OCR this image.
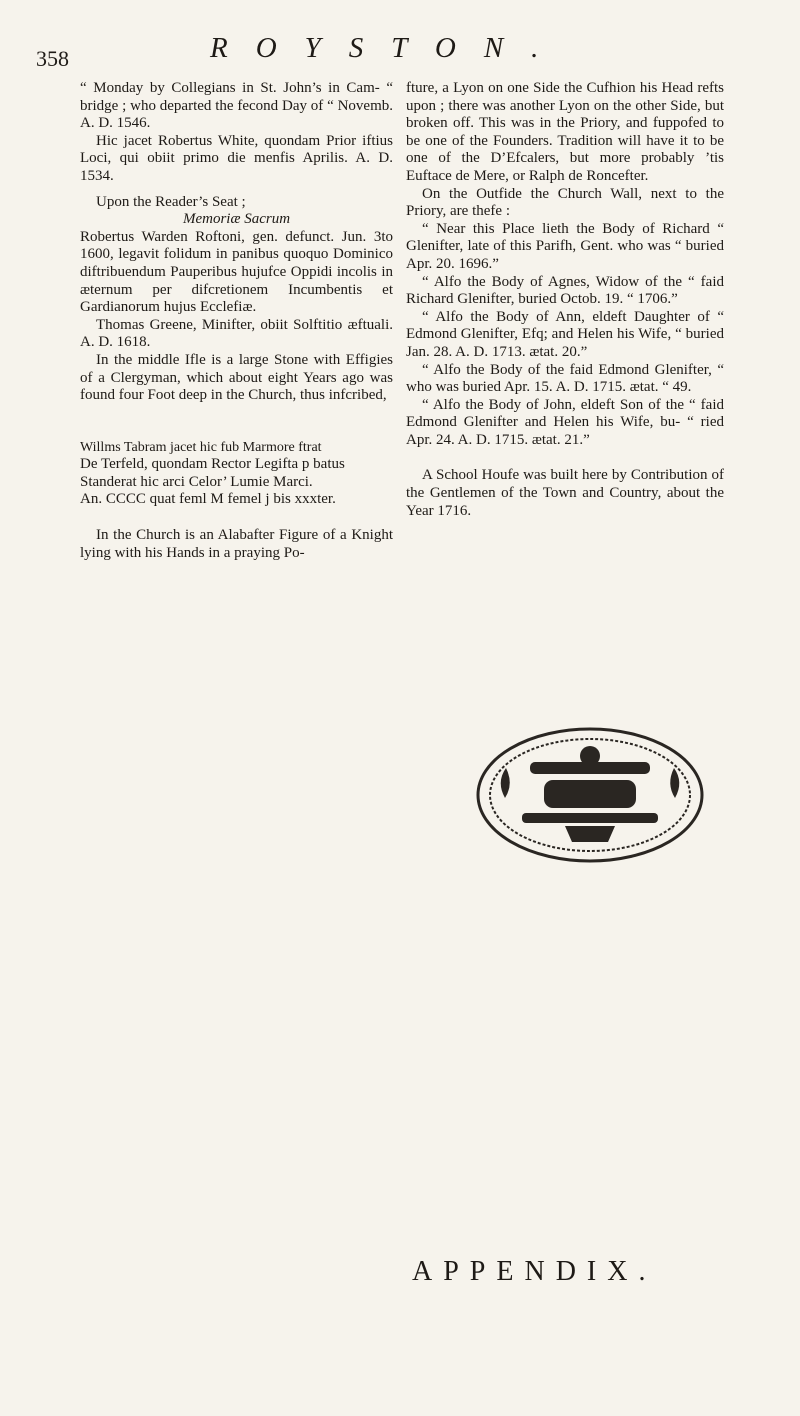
358	ROYSTON.

“ Monday by Collegians in St. John’s in Cam- “ bridge ; who departed the fecond Day of “ Novemb. A. D. 1546.

Hic jacet Robertus White, quondam Prior iftius Loci, qui obiit primo die menfis Aprilis. A. D. 1534.

Upon the Reader’s Seat ;

Memoriæ Sacrum

Robertus Warden Roftoni, gen. defunct. Jun. 3to 1600, legavit folidum in panibus quoquo Dominico diftribuendum Pauperibus hujufce Oppidi incolis in æternum per difcretionem Incumbentis et Gardianorum hujus Ecclefiæ.

Thomas Greene, Minifter, obiit Solftitio æftuali. A. D. 1618.

In the middle Ifle is a large Stone with Effigies of a Clergyman, which about eight Years ago was found four Foot deep in the Church, thus infcribed,

Willms Tabram jacet hic fub Marmore ftrat

De Terfeld, quondam Rector Legifta p batus

Standerat hic arci Celor’ Lumie Marci.

An. CCCC quat feml M femel j bis xxxter.

In the Church is an Alabafter Figure of a Knight lying with his Hands in a praying Po-

fture, a Lyon on one Side the Cufhion his Head refts upon ; there was another Lyon on the other Side, but broken off. This was in the Priory, and fuppofed to be one of the Founders. Tradition will have it to be one of the D’Efcalers, but more probably ’tis Euftace de Mere, or Ralph de Roncefter.

On the Outfide the Church Wall, next to the Priory, are thefe :

“ Near this Place lieth the Body of Richard “ Glenifter, late of this Parifh, Gent. who was “ buried Apr. 20. 1696.”

“ Alfo the Body of Agnes, Widow of the “ faid Richard Glenifter, buried Octob. 19. “ 1706.”

“ Alfo the Body of Ann, eldeft Daughter of “ Edmond Glenifter, Efq; and Helen his Wife, “ buried Jan. 28. A. D. 1713. ætat. 20.”

“ Alfo the Body of the faid Edmond Glenifter, “ who was buried Apr. 15. A. D. 1715. ætat. “ 49.

“ Alfo the Body of John, eldeft Son of the “ faid Edmond Glenifter and Helen his Wife, bu- “ ried Apr. 24. A. D. 1715. ætat. 21.”

A School Houfe was built here by Contribution of the Gentlemen of the Town and Country, about the Year 1716.

APPENDIX.
